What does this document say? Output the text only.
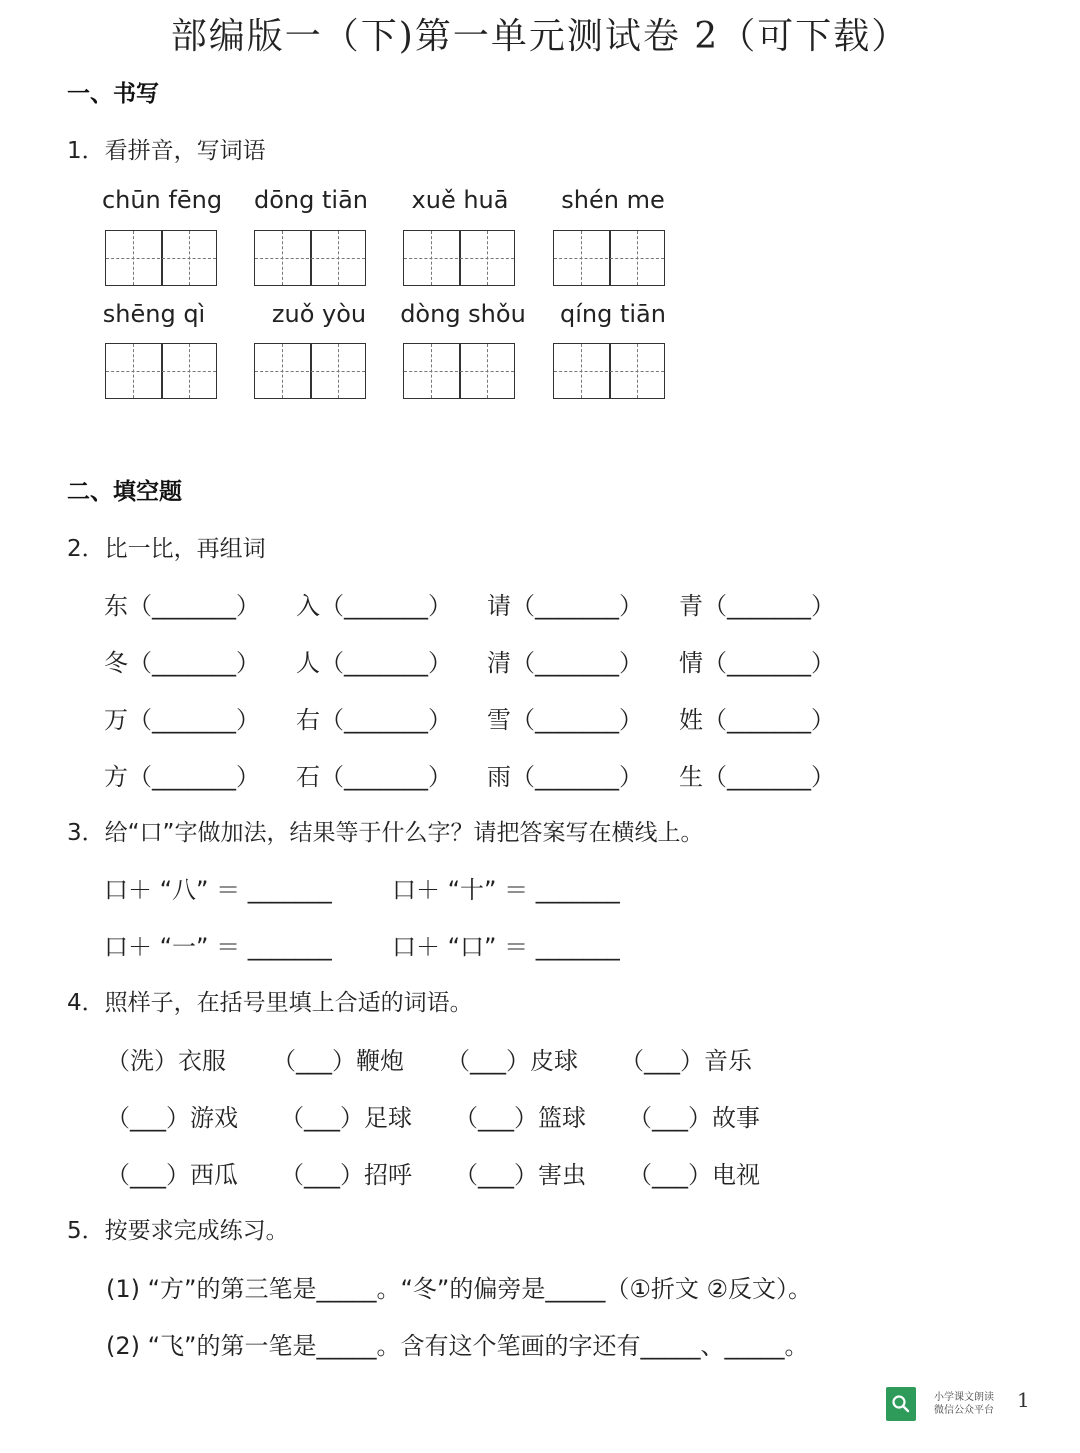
部编版一（下)第一单元测试卷 2（可下载）
一、书写
1．看拼音，写词语
chūn fēng	dōng tiān	xuě huā	shén me
shēng qì	zuǒ yòu	dòng shǒu	qíng tiān
二、填空题
2．比一比，再组词
东（_______） 入（_______） 请（_______） 青（_______）
冬（_______） 人（_______） 清（_______） 情（_______）
万（_______） 右（_______） 雪（_______） 姓（_______）
方（_______） 石（_______） 雨（_______） 生（_______）
3．给“口”字做加法，结果等于什么字？请把答案写在横线上。
口＋ “八” ＝ _______	口＋ “十” ＝ _______
口＋ “一” ＝ _______	口＋ “口” ＝ _______
4．照样子，在括号里填上合适的词语。
（洗）衣服 （___）鞭炮 （___）皮球 （___）音乐
（___）游戏 （___）足球 （___）篮球 （___）故事
（___）西瓜 （___）招呼 （___）害虫 （___）电视
5．按要求完成练习。
(1) “方”的第三笔是_____。“冬”的偏旁是_____（①折文 ②反文）。
(2) “飞”的第一笔是_____。含有这个笔画的字还有_____、_____。
小学课文朗读
微信公众平台 1
